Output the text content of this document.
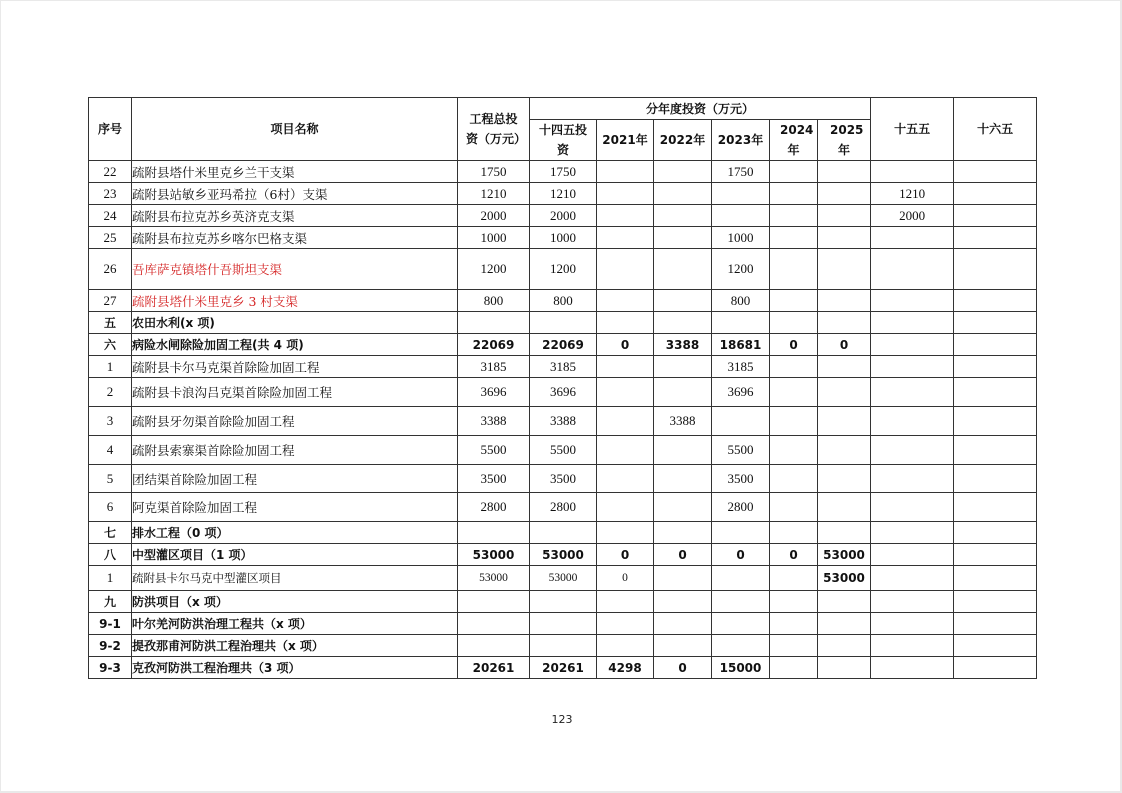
序号	项目名称	工程总投资（万元）	分年度投资（万元）						十五五	十六五
			十四五投资	2021年	2022年	2023年	2024年	2025年		
22	疏附县塔什米里克乡兰干支渠	1750	1750			1750				
23	疏附县站敏乡亚玛希拉（6村）支渠	1210	1210						1210	
24	疏附县布拉克苏乡英济克支渠	2000	2000						2000	
25	疏附县布拉克苏乡喀尔巴格支渠	1000	1000			1000				
26	吾库萨克镇塔什吾斯坦支渠	1200	1200			1200				
27	疏附县塔什米里克乡 3 村支渠	800	800			800				
五	农田水利(x 项)									
六	病险水闸除险加固工程(共 4 项)	22069	22069	0	3388	18681	0	0		
1	疏附县卡尔马克渠首除险加固工程	3185	3185			3185				
2	疏附县卡浪沟吕克渠首除险加固工程	3696	3696			3696				
3	疏附县牙勿渠首除险加固工程	3388	3388		3388					
4	疏附县索寨渠首除险加固工程	5500	5500			5500				
5	团结渠首除险加固工程	3500	3500			3500				
6	阿克渠首除险加固工程	2800	2800			2800				
七	排水工程（0 项）									
八	中型灌区项目（1 项）	53000	53000	0	0	0	0	53000		
1	疏附县卡尔马克中型灌区项目	53000	53000	0				53000		
九	防洪项目（x 项）									
9-1	叶尔羌河防洪治理工程共（x 项）									
9-2	提孜那甫河防洪工程治理共（x 项）									
9-3	克孜河防洪工程治理共（3 项）	20261	20261	4298	0	15000				
123
